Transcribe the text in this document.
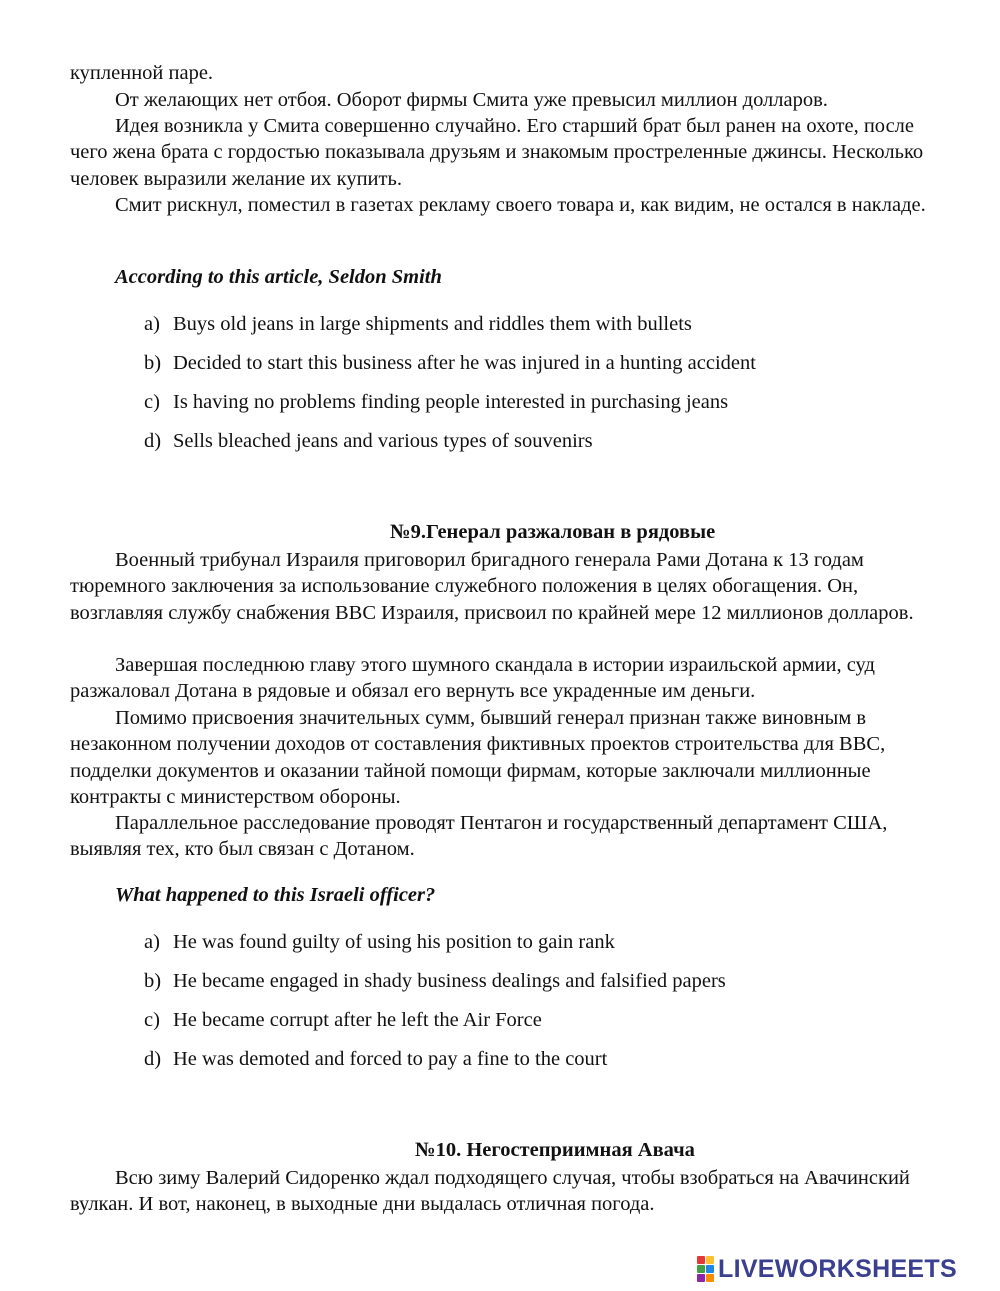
купленной паре.

От желающих нет отбоя. Оборот фирмы Смита уже превысил миллион долларов.

Идея возникла у Смита совершенно случайно. Его старший брат был ранен на охоте, после чего жена брата с гордостью показывала друзьям и знакомым простреленные джинсы. Несколько человек выразили желание их купить.

Смит рискнул, поместил в газетах рекламу своего товара и, как видим, не остался в накладе.

According to this article, Seldon Smith

a) Buys old jeans in large shipments and riddles them with bullets

b) Decided to start this business after he was injured in a hunting accident

c) Is having no problems finding people interested in purchasing jeans

d) Sells bleached jeans and various types of souvenirs

№9.Генерал разжалован в рядовые

Военный трибунал Израиля приговорил бригадного генерала Рами Дотана к 13 годам тюремного заключения за использование служебного положения в целях обогащения. Он, возглавляя службу снабжения ВВС Израиля, присвоил по крайней мере 12 миллионов долларов.

Завершая последнюю главу этого шумного скандала в истории израильской армии, суд разжаловал Дотана в рядовые и обязал его вернуть все украденные им деньги.

Помимо присвоения значительных сумм, бывший генерал признан также виновным в незаконном получении доходов от составления фиктивных проектов строительства для ВВС, подделки документов и оказании тайной помощи фирмам, которые заключали миллионные контракты с министерством обороны.

Параллельное расследование проводят Пентагон и государственный департамент США, выявляя тех, кто был связан с Дотаном.

What happened to this Israeli officer?

a) He was found guilty of using his position to gain rank

b) He became engaged in shady business dealings and falsified papers

c) He became corrupt after he left the Air Force

d) He was demoted and forced to pay a fine to the court

№10. Негостеприимная Авача

Всю зиму Валерий Сидоренко ждал подходящего случая, чтобы взобраться на Авачинский вулкан. И вот, наконец, в выходные дни выдалась отличная погода.

LIVEWORKSHEETS
